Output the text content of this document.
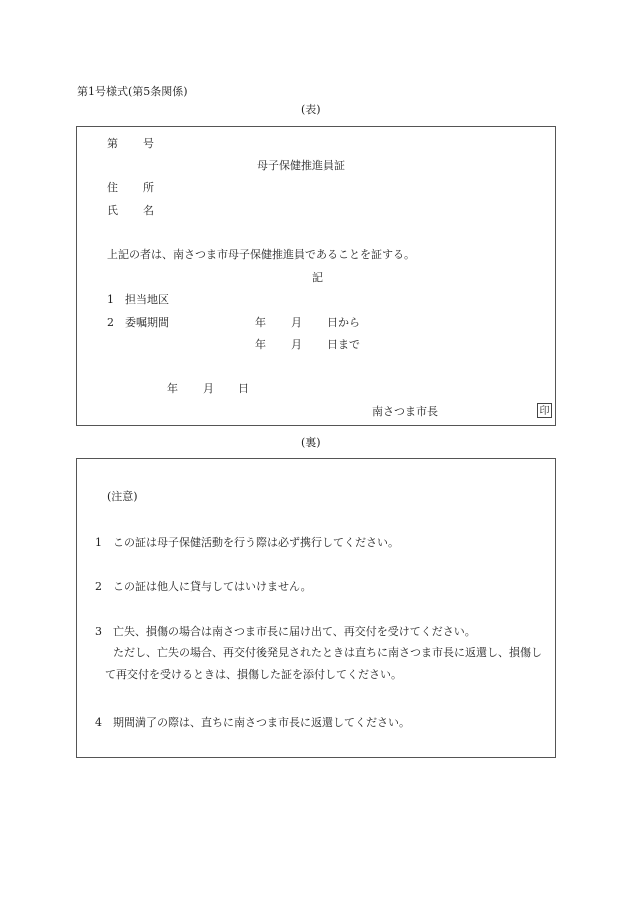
第1号様式(第5条関係)
(表)
第 号
母子保健推進員証
住 所
氏 名
上記の者は、南さつま市母子保健推進員であることを証する。
記
1 担当地区
2 委嘱期間	年 月 日から
年 月 日まで
年 月 日
南さつま市長	印
(裏)
(注意)
1 この証は母子保健活動を行う際は必ず携行してください。
2 この証は他人に貸与してはいけません。
3 亡失、損傷の場合は南さつま市長に届け出て、再交付を受けてください。
ただし、亡失の場合、再交付後発見されたときは直ちに南さつま市長に返還し、損傷して再交付を受けるときは、損傷した証を添付してください。
4 期間満了の際は、直ちに南さつま市長に返還してください。
